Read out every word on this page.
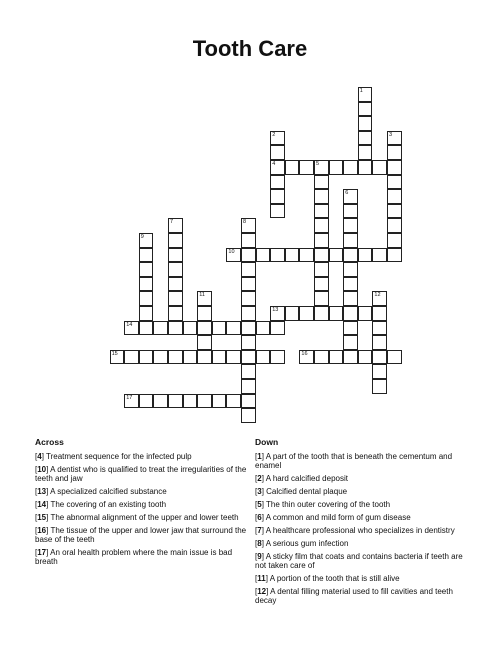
Tooth Care
1
2
4
3
5
6
7	8
9
10
11	12
13
14
15	16
17
Across	Down
[4] Treatment sequence for the infected pulp
[10] A dentist who is qualified to treat the irregularities of the teeth and jaw
[13] A specialized calcified substance
[14] The covering of an existing tooth
[15] The abnormal alignment of the upper and lower teeth
[16] The tissue of the upper and lower jaw that surround the base of the teeth
[17] An oral health problem where the main issue is bad breath
[1] A part of the tooth that is beneath the cementum and enamel
[2] A hard calcified deposit
[3] Calcified dental plaque
[5] The thin outer covering of the tooth
[6] A common and mild form of gum disease
[7] A healthcare professional who specializes in dentistry
[8] A serious gum infection
[9] A sticky film that coats and contains bacteria if teeth are not taken care of
[11] A portion of the tooth that is still alive
[12] A dental filling material used to fill cavities and teeth decay
